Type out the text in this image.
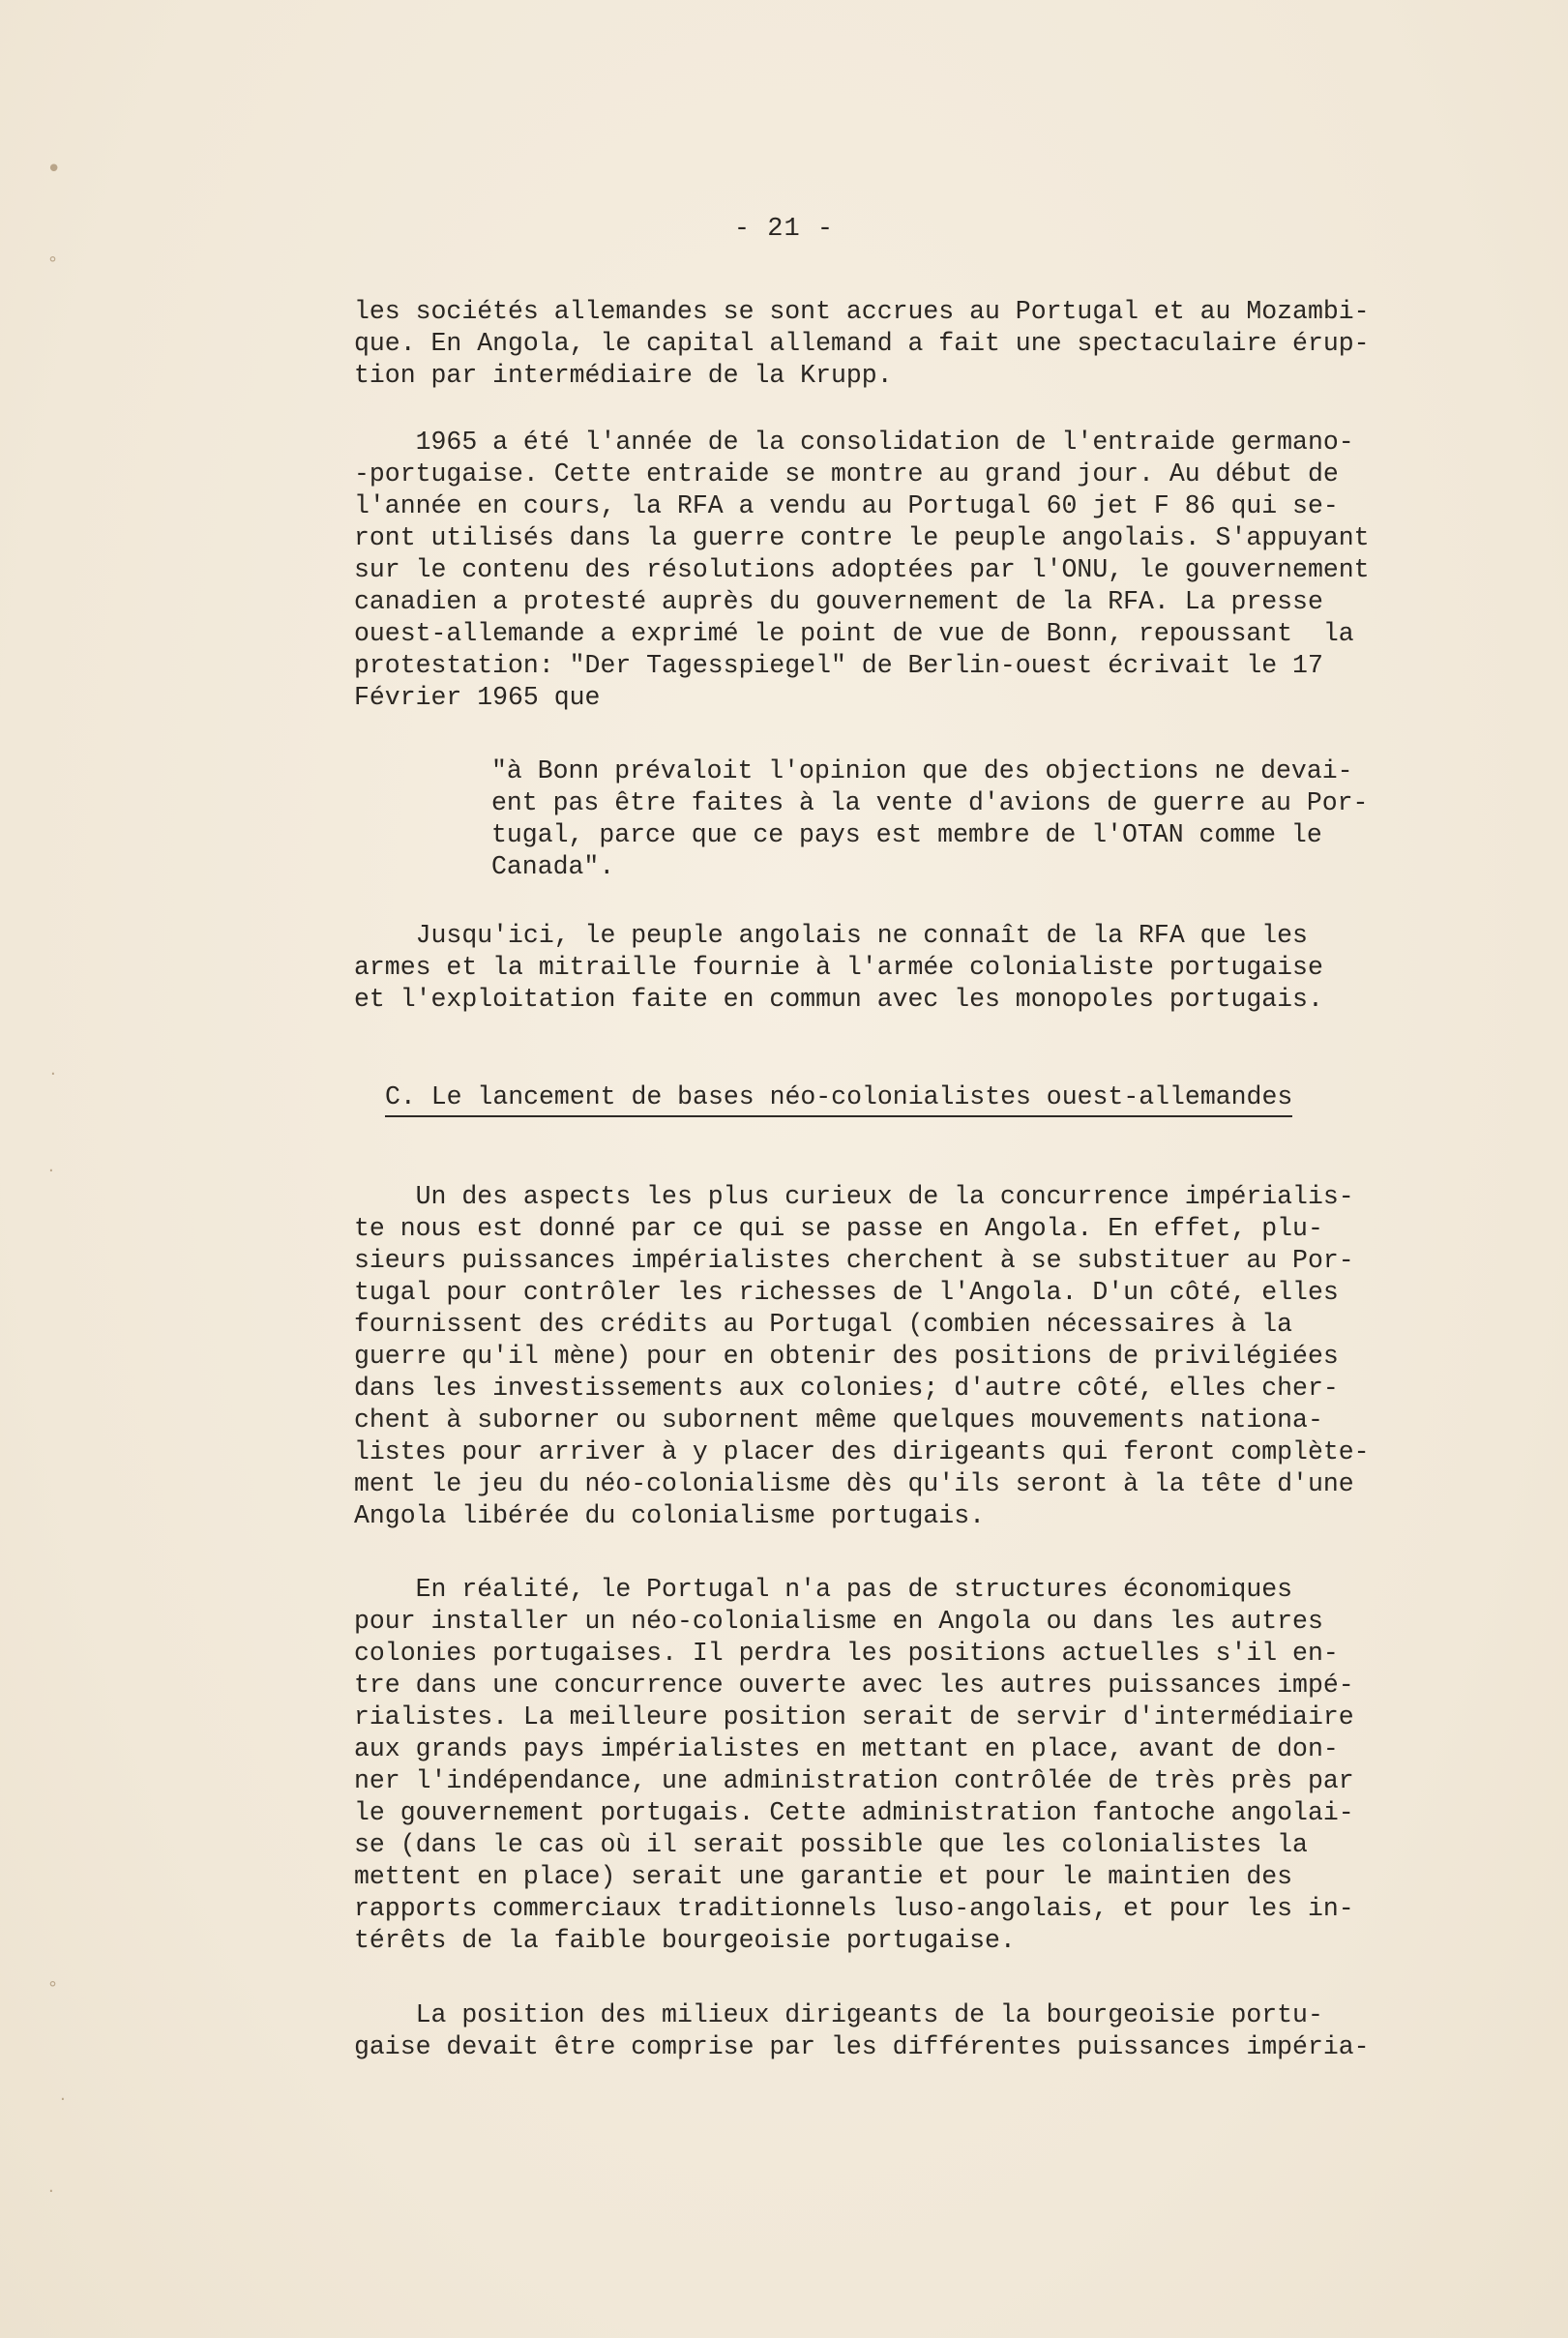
•
°
·
·
°
·
·
- 21 -

les sociétés allemandes se sont accrues au Portugal et au Mozambi-
que. En Angola, le capital allemand a fait une spectaculaire érup-
tion par intermédiaire de la Krupp.

1965 a été l'année de la consolidation de l'entraide germano-
-portugaise. Cette entraide se montre au grand jour. Au début de
l'année en cours, la RFA a vendu au Portugal 60 jet F 86 qui se-
ront utilisés dans la guerre contre le peuple angolais. S'appuyant
sur le contenu des résolutions adoptées par l'ONU, le gouvernement
canadien a protesté auprès du gouvernement de la RFA. La presse
ouest-allemande a exprimé le point de vue de Bonn, repoussant  la
protestation: "Der Tagesspiegel" de Berlin-ouest écrivait le 17
Février 1965 que

"à Bonn prévaloit l'opinion que des objections ne devai-
ent pas être faites à la vente d'avions de guerre au Por-
tugal, parce que ce pays est membre de l'OTAN comme le
Canada".

Jusqu'ici, le peuple angolais ne connaît de la RFA que les
armes et la mitraille fournie à l'armée colonialiste portugaise
et l'exploitation faite en commun avec les monopoles portugais.

C. Le lancement de bases néo-colonialistes ouest-allemandes

Un des aspects les plus curieux de la concurrence impérialis-
te nous est donné par ce qui se passe en Angola. En effet, plu-
sieurs puissances impérialistes cherchent à se substituer au Por-
tugal pour contrôler les richesses de l'Angola. D'un côté, elles
fournissent des crédits au Portugal (combien nécessaires à la
guerre qu'il mène) pour en obtenir des positions de privilégiées
dans les investissements aux colonies; d'autre côté, elles cher-
chent à suborner ou subornent même quelques mouvements nationa-
listes pour arriver à y placer des dirigeants qui feront complète-
ment le jeu du néo-colonialisme dès qu'ils seront à la tête d'une
Angola libérée du colonialisme portugais.

En réalité, le Portugal n'a pas de structures économiques
pour installer un néo-colonialisme en Angola ou dans les autres
colonies portugaises. Il perdra les positions actuelles s'il en-
tre dans une concurrence ouverte avec les autres puissances impé-
rialistes. La meilleure position serait de servir d'intermédiaire
aux grands pays impérialistes en mettant en place, avant de don-
ner l'indépendance, une administration contrôlée de très près par
le gouvernement portugais. Cette administration fantoche angolai-
se (dans le cas où il serait possible que les colonialistes la
mettent en place) serait une garantie et pour le maintien des
rapports commerciaux traditionnels luso-angolais, et pour les in-
térêts de la faible bourgeoisie portugaise.

La position des milieux dirigeants de la bourgeoisie portu-
gaise devait être comprise par les différentes puissances impéria-
